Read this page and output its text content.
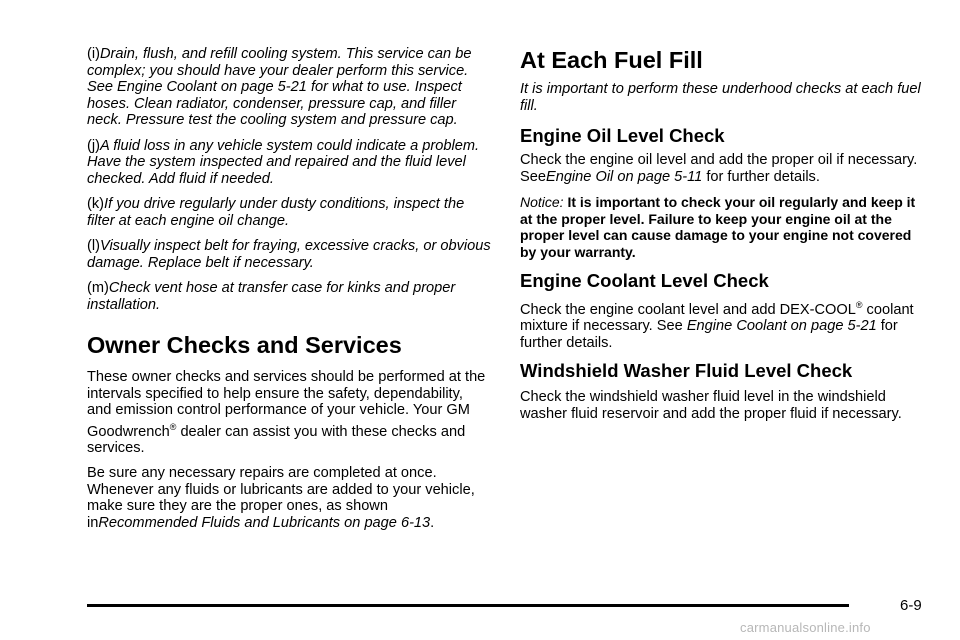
(i)Drain, flush, and refill cooling system. This service can be complex; you should have your dealer perform this service. See Engine Coolant on page 5-21 for what to use. Inspect hoses. Clean radiator, condenser, pressure cap, and filler neck. Pressure test the cooling system and pressure cap.

(j)A fluid loss in any vehicle system could indicate a problem. Have the system inspected and repaired and the fluid level checked. Add fluid if needed.

(k)If you drive regularly under dusty conditions, inspect the filter at each engine oil change.

(l)Visually inspect belt for fraying, excessive cracks, or obvious damage. Replace belt if necessary.

(m)Check vent hose at transfer case for kinks and proper installation.

Owner Checks and Services

These owner checks and services should be performed at the intervals specified to help ensure the safety, dependability, and emission control performance of your vehicle. Your GM Goodwrench® dealer can assist you with these checks and services.

Be sure any necessary repairs are completed at once. Whenever any fluids or lubricants are added to your vehicle, make sure they are the proper ones, as shown inRecommended Fluids and Lubricants on page 6-13.

At Each Fuel Fill

It is important to perform these underhood checks at each fuel fill.

Engine Oil Level Check

Check the engine oil level and add the proper oil if necessary. SeeEngine Oil on page 5-11 for further details.

Notice: It is important to check your oil regularly and keep it at the proper level. Failure to keep your engine oil at the proper level can cause damage to your engine not covered by your warranty.

Engine Coolant Level Check

Check the engine coolant level and add DEX-COOL® coolant mixture if necessary. See Engine Coolant on page 5-21 for further details.

Windshield Washer Fluid Level Check

Check the windshield washer fluid level in the windshield washer fluid reservoir and add the proper fluid if necessary.

6-9
carmanualsonline.info
